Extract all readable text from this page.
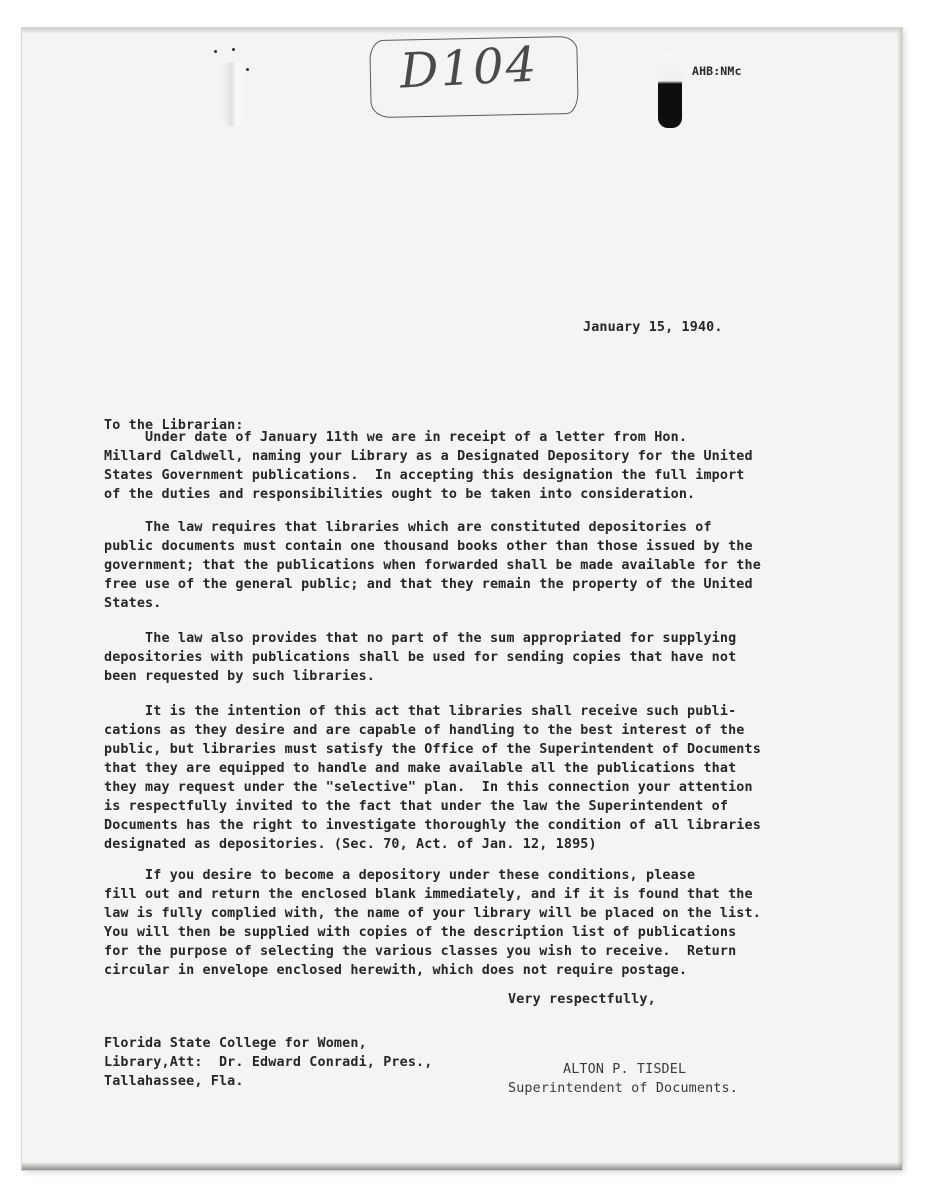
D104	AHB:NMc
January 15, 1940.
To the Librarian:
Under date of January 11th we are in receipt of a letter from Hon.
Millard Caldwell, naming your Library as a Designated Depository for the United
States Government publications.  In accepting this designation the full import
of the duties and responsibilities ought to be taken into consideration.
The law requires that libraries which are constituted depositories of
public documents must contain one thousand books other than those issued by the
government; that the publications when forwarded shall be made available for the
free use of the general public; and that they remain the property of the United
States.
The law also provides that no part of the sum appropriated for supplying
depositories with publications shall be used for sending copies that have not
been requested by such libraries.
It is the intention of this act that libraries shall receive such publi-
cations as they desire and are capable of handling to the best interest of the
public, but libraries must satisfy the Office of the Superintendent of Documents
that they are equipped to handle and make available all the publications that
they may request under the "selective" plan.  In this connection your attention
is respectfully invited to the fact that under the law the Superintendent of
Documents has the right to investigate thoroughly the condition of all libraries
designated as depositories. (Sec. 70, Act. of Jan. 12, 1895)
If you desire to become a depository under these conditions, please
fill out and return the enclosed blank immediately, and if it is found that the
law is fully complied with, the name of your library will be placed on the list.
You will then be supplied with copies of the description list of publications
for the purpose of selecting the various classes you wish to receive.  Return
circular in envelope enclosed herewith, which does not require postage.
Very respectfully,
Florida State College for Women,
Library,Att:  Dr. Edward Conradi, Pres.,
Tallahassee, Fla.
ALTON P. TISDEL
Superintendent of Documents.
